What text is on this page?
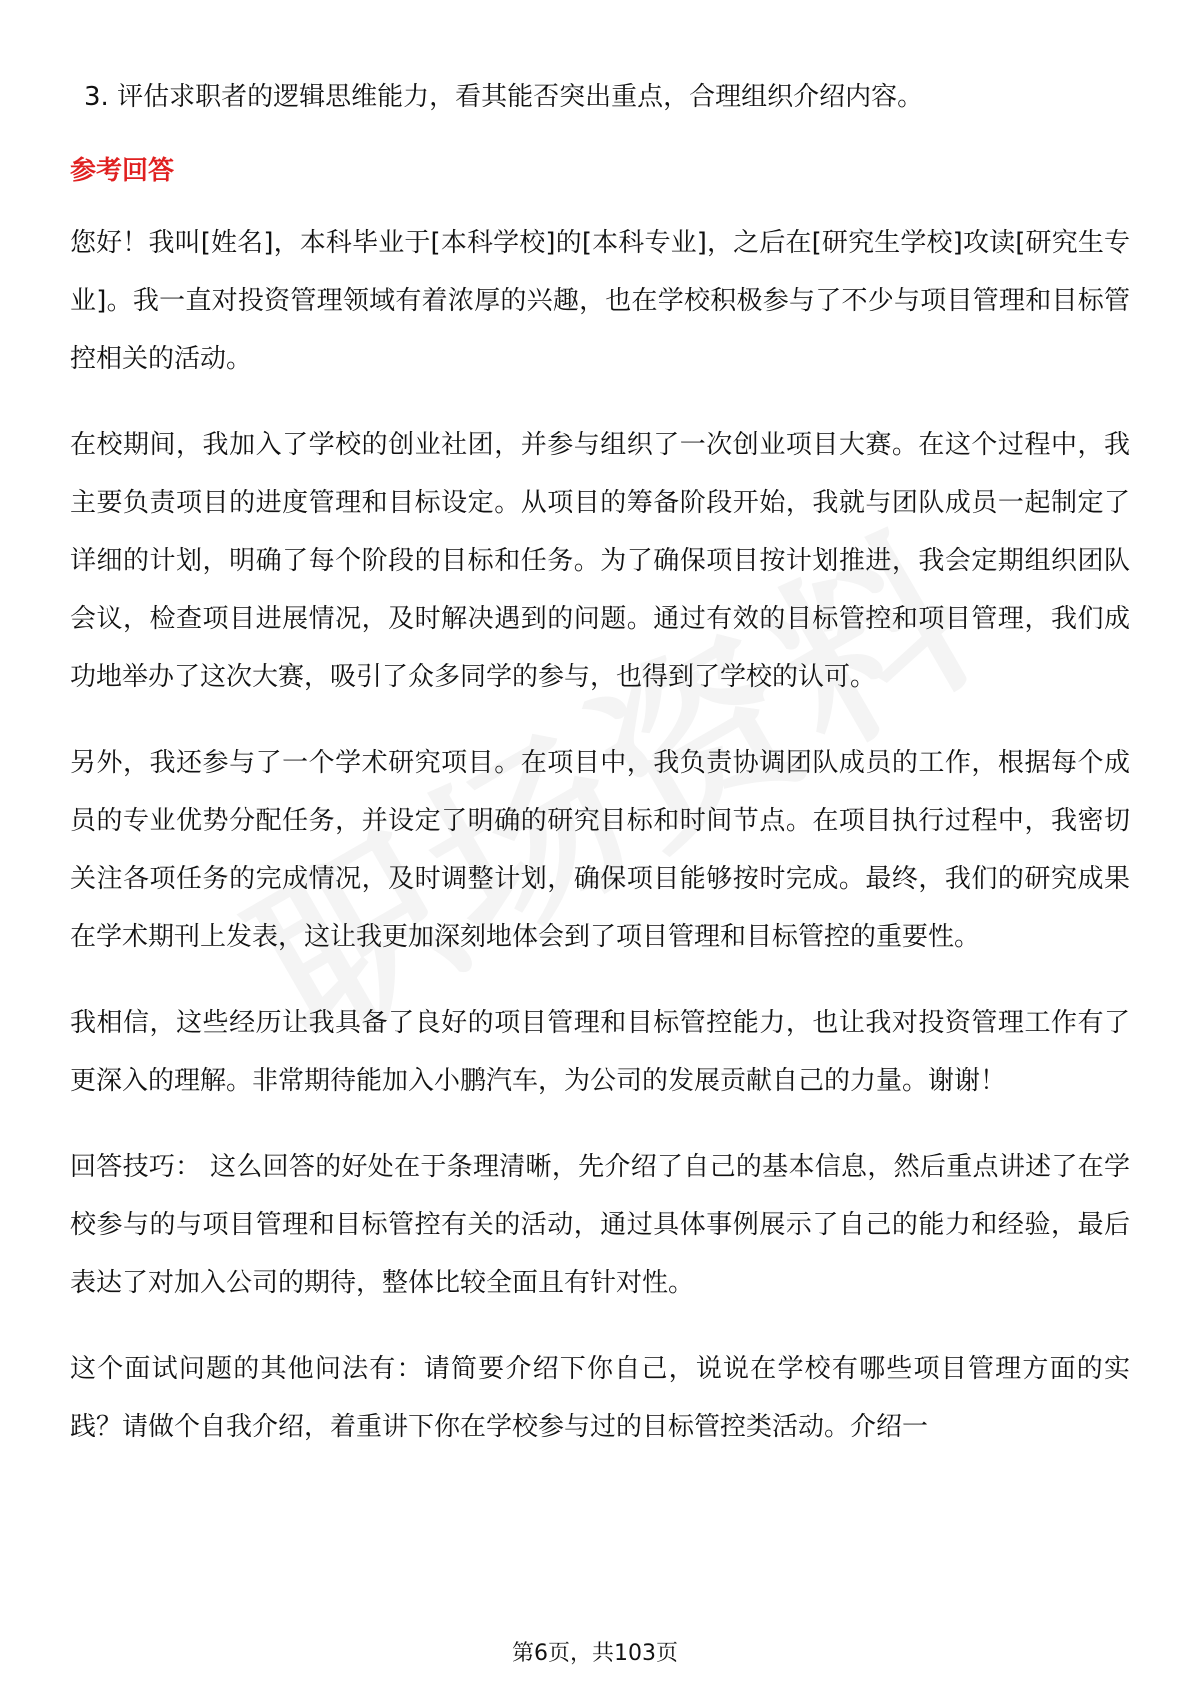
3. 评估求职者的逻辑思维能力，看其能否突出重点，合理组织介绍内容。

参考回答

您好！我叫[姓名]，本科毕业于[本科学校]的[本科专业]，之后在[研究生学校]攻读[研究生专业]。我一直对投资管理领域有着浓厚的兴趣，也在学校积极参与了不少与项目管理和目标管控相关的活动。

在校期间，我加入了学校的创业社团，并参与组织了一次创业项目大赛。在这个过程中，我主要负责项目的进度管理和目标设定。从项目的筹备阶段开始，我就与团队成员一起制定了详细的计划，明确了每个阶段的目标和任务。为了确保项目按计划推进，我会定期组织团队会议，检查项目进展情况，及时解决遇到的问题。通过有效的目标管控和项目管理，我们成功地举办了这次大赛，吸引了众多同学的参与，也得到了学校的认可。

另外，我还参与了一个学术研究项目。在项目中，我负责协调团队成员的工作，根据每个成员的专业优势分配任务，并设定了明确的研究目标和时间节点。在项目执行过程中，我密切关注各项任务的完成情况，及时调整计划，确保项目能够按时完成。最终，我们的研究成果在学术期刊上发表，这让我更加深刻地体会到了项目管理和目标管控的重要性。

我相信，这些经历让我具备了良好的项目管理和目标管控能力，也让我对投资管理工作有了更深入的理解。非常期待能加入小鹏汽车，为公司的发展贡献自己的力量。谢谢！

回答技巧： 这么回答的好处在于条理清晰，先介绍了自己的基本信息，然后重点讲述了在学校参与的与项目管理和目标管控有关的活动，通过具体事例展示了自己的能力和经验，最后表达了对加入公司的期待，整体比较全面且有针对性。

这个面试问题的其他问法有：请简要介绍下你自己，说说在学校有哪些项目管理方面的实践？请做个自我介绍，着重讲下你在学校参与过的目标管控类活动。介绍一

第6页，共103页
